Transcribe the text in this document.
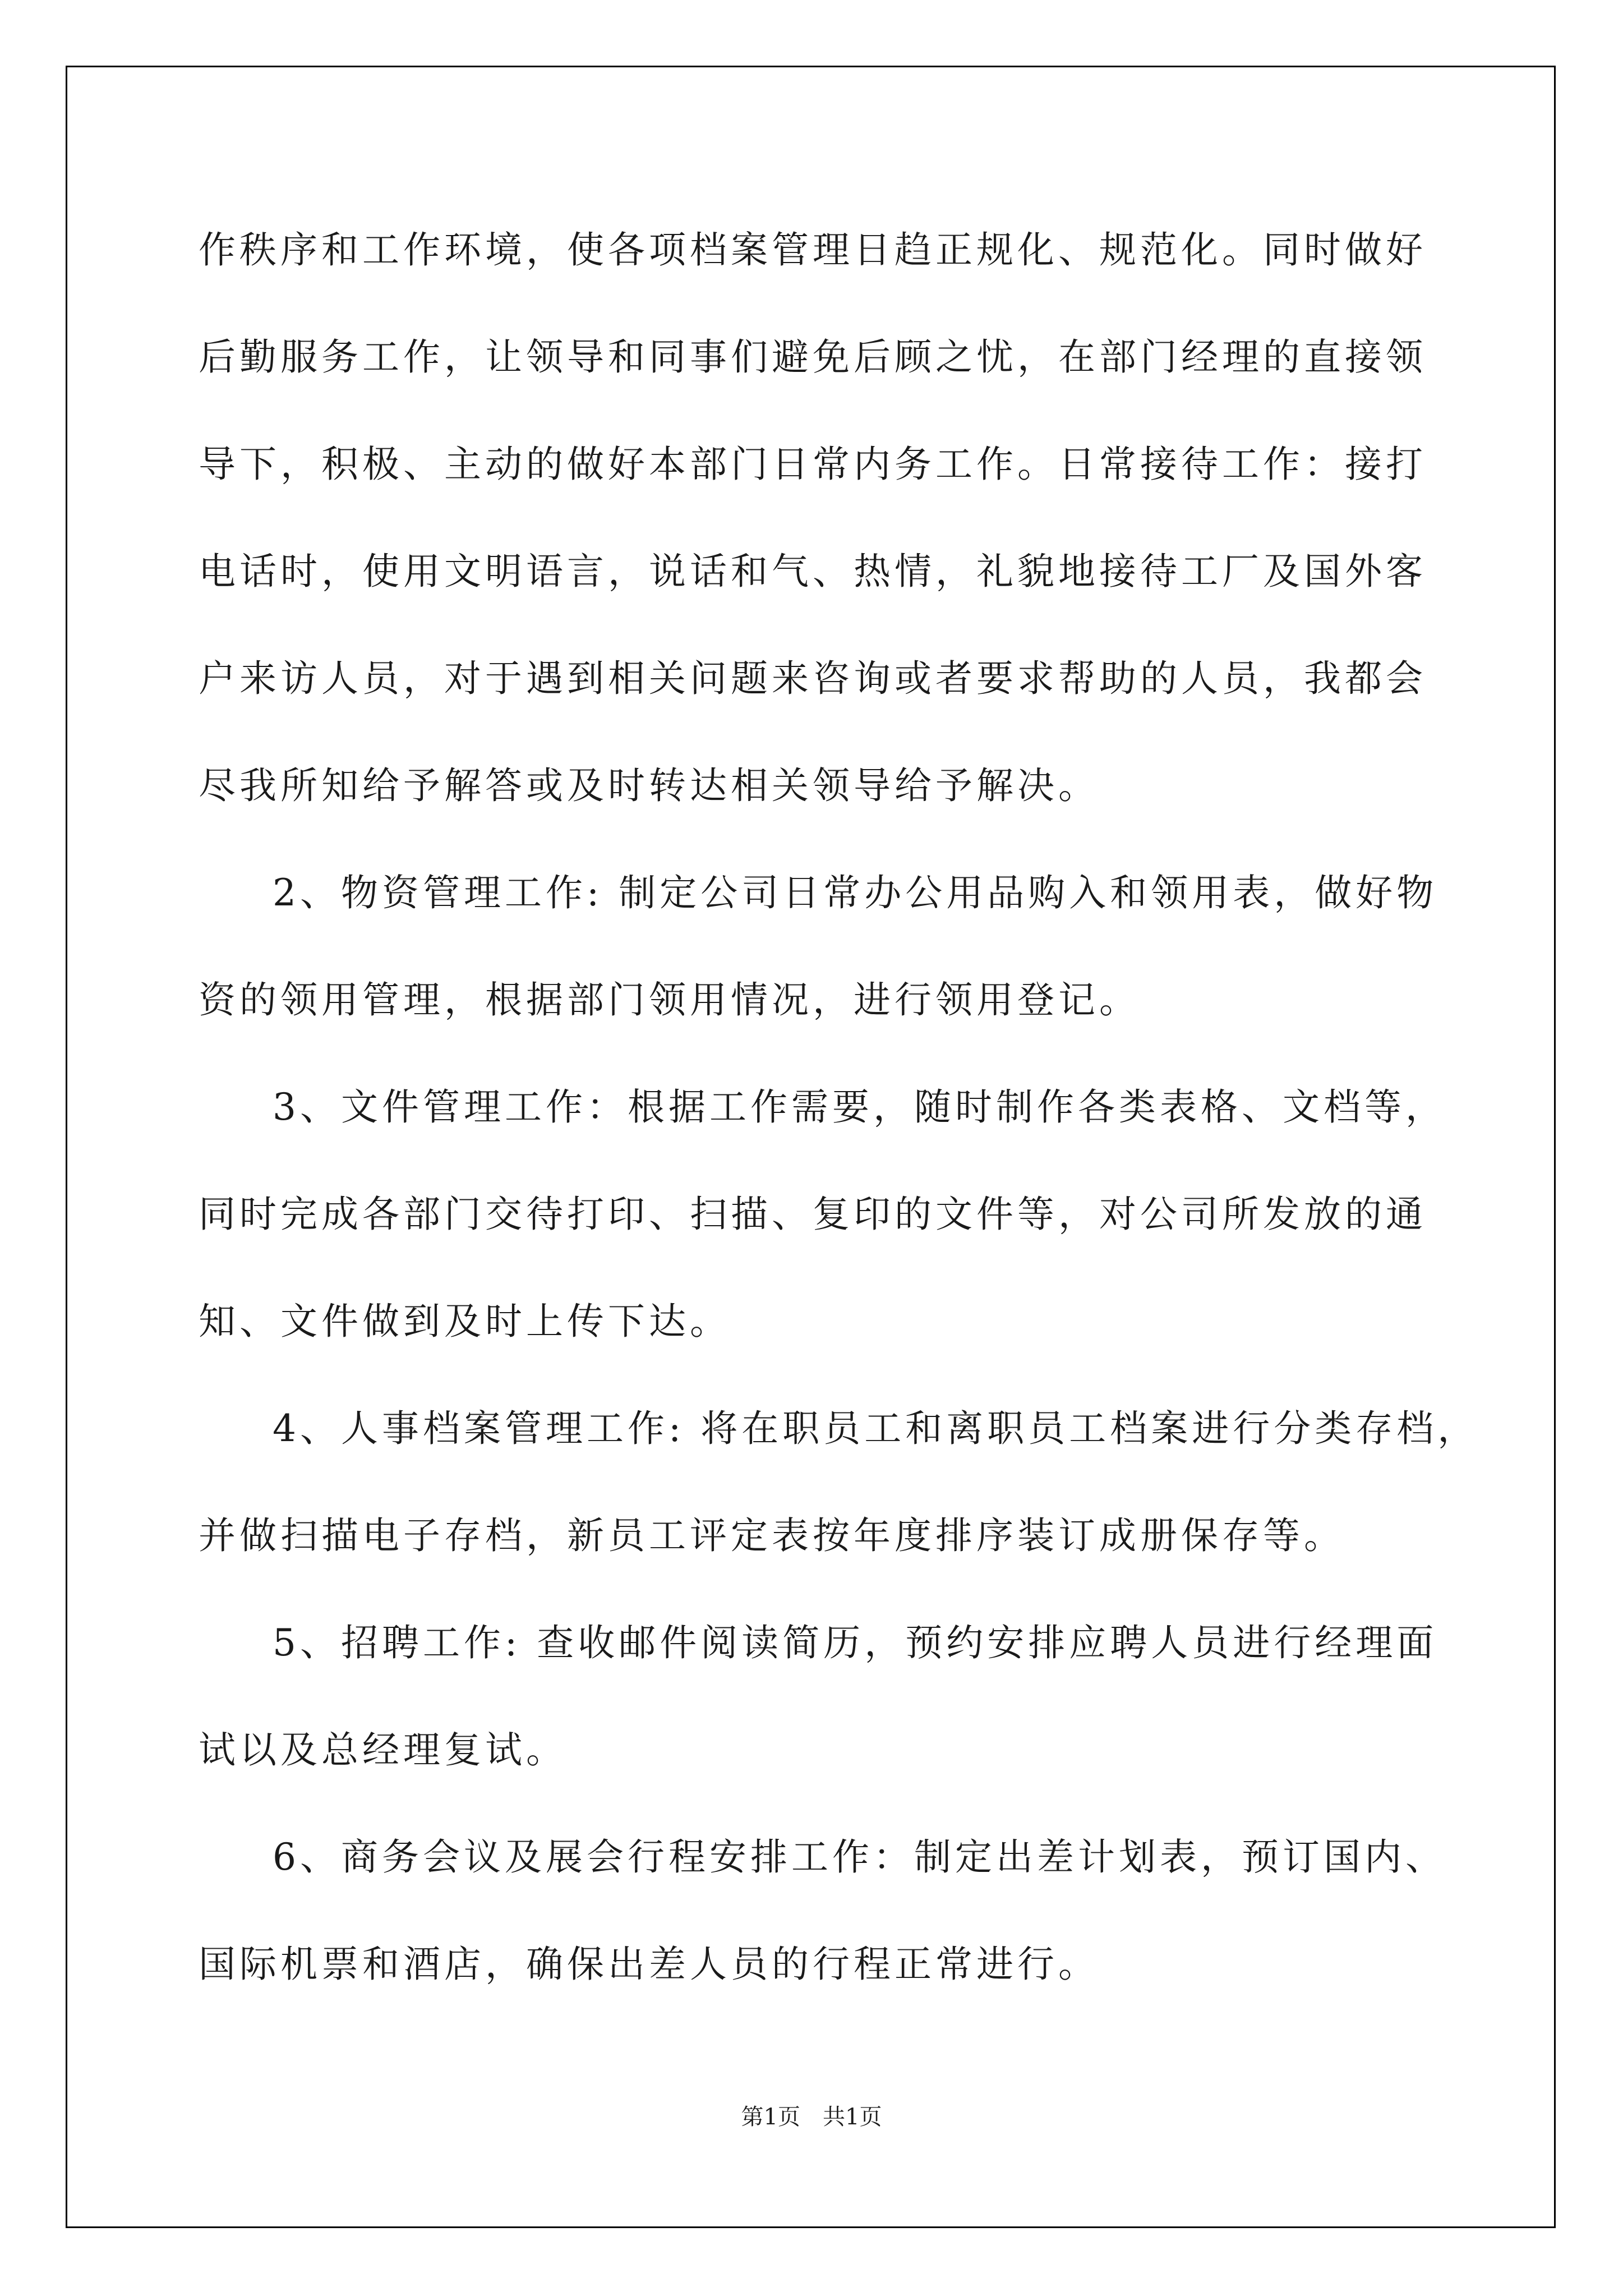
作秩序和工作环境，使各项档案管理日趋正规化、规范化。同时做好
后勤服务工作，让领导和同事们避免后顾之忧，在部门经理的直接领
导下，积极、主动的做好本部门日常内务工作。日常接待工作：接打
电话时，使用文明语言，说话和气、热情，礼貌地接待工厂及国外客
户来访人员，对于遇到相关问题来咨询或者要求帮助的人员，我都会
尽我所知给予解答或及时转达相关领导给予解决。
2、物资管理工作: 制定公司日常办公用品购入和领用表，做好物
资的领用管理，根据部门领用情况，进行领用登记。
3、文件管理工作：根据工作需要，随时制作各类表格、文档等，
同时完成各部门交待打印、扫描、复印的文件等，对公司所发放的通
知、文件做到及时上传下达。
4、人事档案管理工作: 将在职员工和离职员工档案进行分类存档，
并做扫描电子存档，新员工评定表按年度排序装订成册保存等。
5、招聘工作: 查收邮件阅读简历，预约安排应聘人员进行经理面
试以及总经理复试。
6、商务会议及展会行程安排工作：制定出差计划表，预订国内、
国际机票和酒店，确保出差人员的行程正常进行。
第1页 共1页
